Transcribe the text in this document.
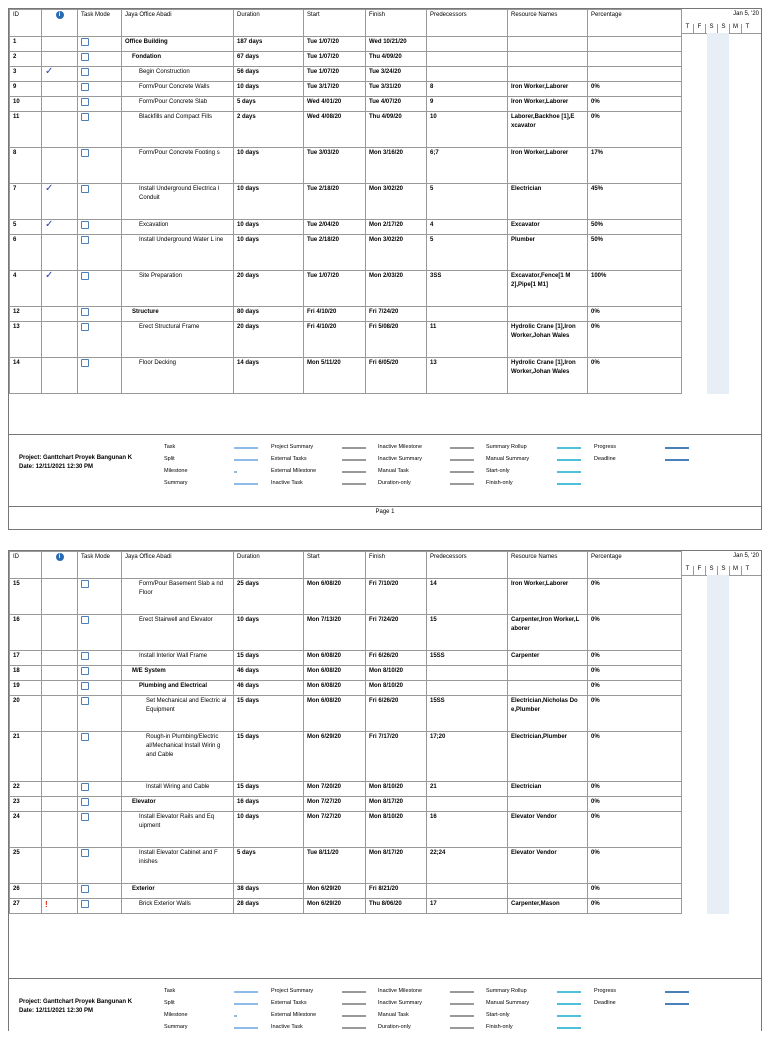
ID	i	Task Mode	Jaya Office Abadi	Duration	Start	Finish	Predecessors	Resource Names	Percentage
1			Office Building	187 days	Tue 1/07/20	Wed 10/21/20			
2			Fondation	67 days	Tue 1/07/20	Thu 4/09/20			
3	✓		Begin Construction	56 days	Tue 1/07/20	Tue 3/24/20			
9			Form/Pour Concrete Walls	10 days	Tue 3/17/20	Tue 3/31/20	8	Iron Worker,Laborer	0%
10			Form/Pour Concrete Slab	5 days	Wed 4/01/20	Tue 4/07/20	9	Iron Worker,Laborer	0%
11			Blackfills and Compact Fills	2 days	Wed 4/08/20	Thu 4/09/20	10	Laborer,Backhoe [1],E xcavator	0%
8			Form/Pour Concrete Footing s	10 days	Tue 3/03/20	Mon 3/16/20	6;7	Iron Worker,Laborer	17%
7	✓		Install Underground Electrica l Conduit	10 days	Tue 2/18/20	Mon 3/02/20	5	Electrician	45%
5	✓		Excavation	10 days	Tue 2/04/20	Mon 2/17/20	4	Excavator	50%
6			Install Underground Water L ine	10 days	Tue 2/18/20	Mon 3/02/20	5	Plumber	50%
4	✓		Site Preparation	20 days	Tue 1/07/20	Mon 2/03/20	3SS	Excavator,Fence[1 M 2],Pipe[1 M1]	100%
12			Structure	80 days	Fri 4/10/20	Fri 7/24/20			0%
13			Erect Structural Frame	20 days	Fri 4/10/20	Fri 5/08/20	11	Hydrolic Crane [1],Iron Worker,Johan Wales	0%
14			Floor Decking	14 days	Mon 5/11/20	Fri 6/05/20	13	Hydrolic Crane [1],Iron Worker,Johan Wales	0%
Jan 5, '20
T	F	S	S	M	T
Project: Ganttchart Proyek Bangunan K
Date: 12/11/2021 12:30 PM
Task
Split
Milestone
Summary
Project Summary
External Tasks
External Milestone
Inactive Task
Inactive Milestone
Inactive Summary
Manual Task
Duration-only
Summary Rollup
Manual Summary
Start-only
Finish-only
Progress
Deadline
Page 1
ID	i	Task Mode	Jaya Office Abadi	Duration	Start	Finish	Predecessors	Resource Names	Percentage
15			Form/Pour Basement Slab a nd Floor	25 days	Mon 6/08/20	Fri 7/10/20	14	Iron Worker,Laborer	0%
16			Erect Stairwell and Elevator	10 days	Mon 7/13/20	Fri 7/24/20	15	Carpenter,Iron Worker,L aborer	0%
17			Install Interior Wall Frame	15 days	Mon 6/08/20	Fri 6/26/20	15SS	Carpenter	0%
18			M/E System	46 days	Mon 6/08/20	Mon 8/10/20			0%
19			Plumbing and Electrical	46 days	Mon 6/08/20	Mon 8/10/20			0%
20			Set Mechanical and Electric al Equipment	15 days	Mon 6/08/20	Fri 6/26/20	15SS	Electrician,Nicholas Do e,Plumber	0%
21			Rough-in Plumbing/Electric al/Mechanical Install Wirin g and Cable	15 days	Mon 6/29/20	Fri 7/17/20	17;20	Electrician,Plumber	0%
22			Install Wiring and Cable	15 days	Mon 7/20/20	Mon 8/10/20	21	Electrician	0%
23			Elevator	16 days	Mon 7/27/20	Mon 8/17/20			0%
24			Install Elevator Rails and Eq uipment	10 days	Mon 7/27/20	Mon 8/10/20	16	Elevator Vendor	0%
25			Install Elevator Cabinet and F inishes	5 days	Tue 8/11/20	Mon 8/17/20	22;24	Elevator Vendor	0%
26			Exterior	38 days	Mon 6/29/20	Fri 8/21/20			0%
27	!		Brick Exterior Walls	28 days	Mon 6/29/20	Thu 8/06/20	17	Carpenter,Mason	0%
Jan 5, '20
T	F	S	S	M	T
Project: Ganttchart Proyek Bangunan K
Date: 12/11/2021 12:30 PM
Task
Split
Milestone
Summary
Project Summary
External Tasks
External Milestone
Inactive Task
Inactive Milestone
Inactive Summary
Manual Task
Duration-only
Summary Rollup
Manual Summary
Start-only
Finish-only
Progress
Deadline
